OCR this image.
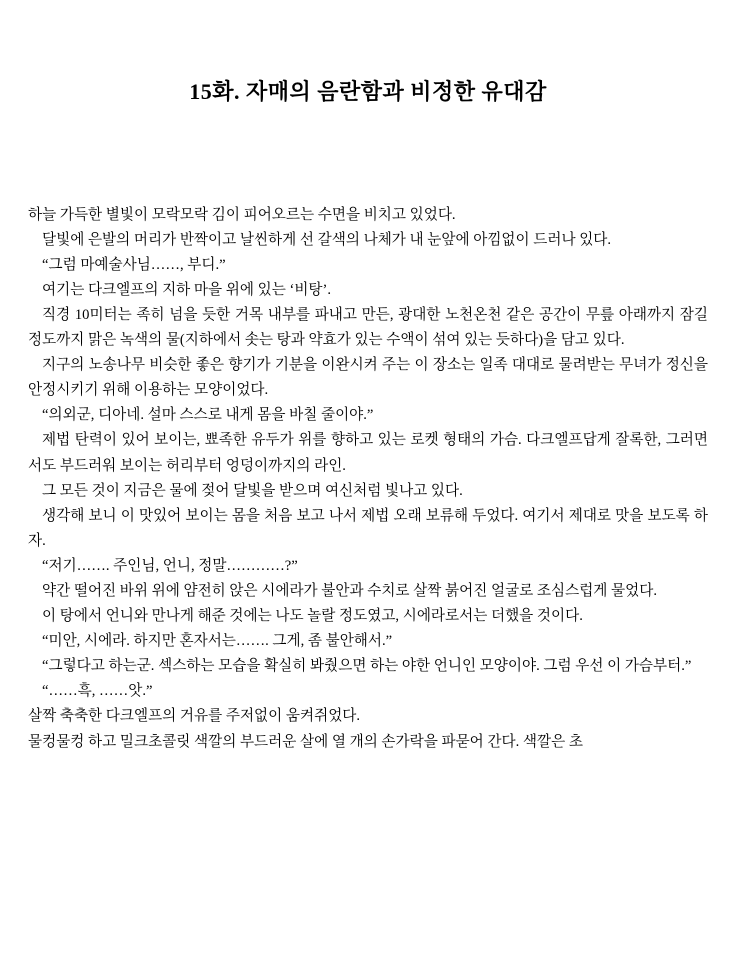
15화. 자매의 음란함과 비정한 유대감

하늘 가득한 별빛이 모락모락 김이 피어오르는 수면을 비치고 있었다.

달빛에 은발의 머리가 반짝이고 날씬하게 선 갈색의 나체가 내 눈앞에 아낌없이 드러나 있다.

“그럼 마예술사님……, 부디.”

여기는 다크엘프의 지하 마을 위에 있는 ‘비탕’.

직경 10미터는 족히 넘을 듯한 거목 내부를 파내고 만든, 광대한 노천온천 같은 공간이 무릎 아래까지 잠길 정도까지 맑은 녹색의 물(지하에서 솟는 탕과 약효가 있는 수액이 섞여 있는 듯하다)을 담고 있다.

지구의 노송나무 비슷한 좋은 향기가 기분을 이완시켜 주는 이 장소는 일족 대대로 물려받는 무녀가 정신을 안정시키기 위해 이용하는 모양이었다.

“의외군, 디아네. 설마 스스로 내게 몸을 바칠 줄이야.”

제법 탄력이 있어 보이는, 뾰족한 유두가 위를 향하고 있는 로켓 형태의 가슴. 다크엘프답게 잘록한, 그러면서도 부드러워 보이는 허리부터 엉덩이까지의 라인.

그 모든 것이 지금은 물에 젖어 달빛을 받으며 여신처럼 빛나고 있다.

생각해 보니 이 맛있어 보이는 몸을 처음 보고 나서 제법 오래 보류해 두었다. 여기서 제대로 맛을 보도록 하자.

“저기……. 주인님, 언니, 정말…………?”

약간 떨어진 바위 위에 얌전히 앉은 시에라가 불안과 수치로 살짝 붉어진 얼굴로 조심스럽게 물었다.

이 탕에서 언니와 만나게 해준 것에는 나도 놀랄 정도였고, 시에라로서는 더했을 것이다.

“미안, 시에라. 하지만 혼자서는……. 그게, 좀 불안해서.”

“그렇다고 하는군. 섹스하는 모습을 확실히 봐줬으면 하는 야한 언니인 모양이야. 그럼 우선 이 가슴부터.”

“……흑, ……앗.”

살짝 축축한 다크엘프의 거유를 주저없이 움켜쥐었다.

물컹물컹 하고 밀크초콜릿 색깔의 부드러운 살에 열 개의 손가락을 파묻어 간다. 색깔은 초
